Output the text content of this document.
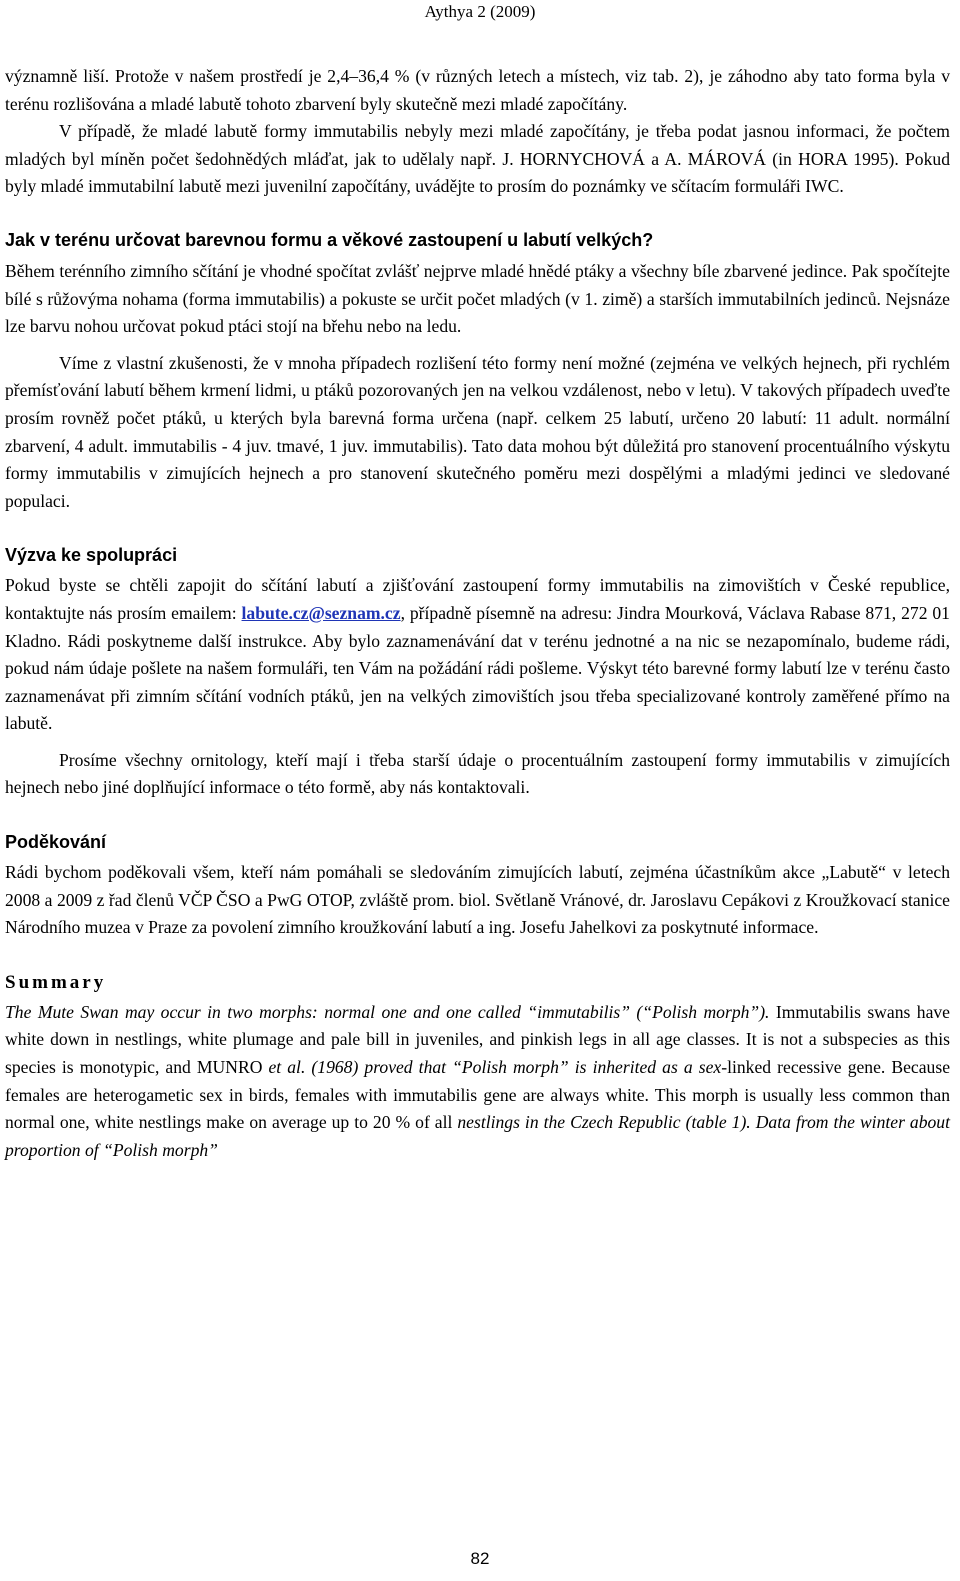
Aythya 2 (2009)

významně liší. Protože v našem prostředí je 2,4–36,4 % (v různých letech a místech, viz tab. 2), je záhodno aby tato forma byla v terénu rozlišována a mladé labutě tohoto zbarvení byly skutečně mezi mladé započítány.

V případě, že mladé labutě formy immutabilis nebyly mezi mladé započítány, je třeba podat jasnou informaci, že počtem mladých byl míněn počet šedohnědých mláďat, jak to udělaly např. J. HORNYCHOVÁ a A. MÁROVÁ (in HORA 1995). Pokud byly mladé immutabilní labutě mezi juvenilní započítány, uvádějte to prosím do poznámky ve sčítacím formuláři IWC.

Jak v terénu určovat barevnou formu a věkové zastoupení u labutí velkých?

Během terénního zimního sčítání je vhodné spočítat zvlášť nejprve mladé hnědé ptáky a všechny bíle zbarvené jedince. Pak spočítejte bílé s růžovýma nohama (forma immutabilis) a pokuste se určit počet mladých (v 1. zimě) a starších immutabilních jedinců. Nejsnáze lze barvu nohou určovat pokud ptáci stojí na břehu nebo na ledu.

Víme z vlastní zkušenosti, že v mnoha případech rozlišení této formy není možné (zejména ve velkých hejnech, při rychlém přemísťování labutí během krmení lidmi, u ptáků pozorovaných jen na velkou vzdálenost, nebo v letu). V takových případech uveďte prosím rovněž počet ptáků, u kterých byla barevná forma určena (např. celkem 25 labutí, určeno 20 labutí: 11 adult. normální zbarvení, 4 adult. immutabilis - 4 juv. tmavé, 1 juv. immutabilis). Tato data mohou být důležitá pro stanovení procentuálního výskytu formy immutabilis v zimujících hejnech a pro stanovení skutečného poměru mezi dospělými a mladými jedinci ve sledované populaci.

Výzva ke spolupráci

Pokud byste se chtěli zapojit do sčítání labutí a zjišťování zastoupení formy immutabilis na zimovištích v České republice, kontaktujte nás prosím emailem: labute.cz@seznam.cz, případně písemně na adresu: Jindra Mourková, Václava Rabase 871, 272 01 Kladno. Rádi poskytneme další instrukce. Aby bylo zaznamenávání dat v terénu jednotné a na nic se nezapomínalo, budeme rádi, pokud nám údaje pošlete na našem formuláři, ten Vám na požádání rádi pošleme. Výskyt této barevné formy labutí lze v terénu často zaznamenávat při zimním sčítání vodních ptáků, jen na velkých zimovištích jsou třeba specializované kontroly zaměřené přímo na labutě.

Prosíme všechny ornitology, kteří mají i třeba starší údaje o procentuálním zastoupení formy immutabilis v zimujících hejnech nebo jiné doplňující informace o této formě, aby nás kontaktovali.

Poděkování

Rádi bychom poděkovali všem, kteří nám pomáhali se sledováním zimujících labutí, zejména účastníkům akce „Labutě“ v letech 2008 a 2009 z řad členů VČP ČSO a PwG OTOP, zvláště prom. biol. Světlaně Vránové, dr. Jaroslavu Cepákovi z Kroužkovací stanice Národního muzea v Praze za povolení zimního kroužkování labutí a ing. Josefu Jahelkovi za poskytnuté informace.

Summary

The Mute Swan may occur in two morphs: normal one and one called “immutabilis” (“Polish morph”). Immutabilis swans have white down in nestlings, white plumage and pale bill in juveniles, and pinkish legs in all age classes. It is not a subspecies as this species is monotypic, and MUNRO et al. (1968) proved that “Polish morph” is inherited as a sex-linked recessive gene. Because females are heterogametic sex in birds, females with immutabilis gene are always white. This morph is usually less common than normal one, white nestlings make on average up to 20 % of all nestlings in the Czech Republic (table 1). Data from the winter about proportion of “Polish morph”

82
